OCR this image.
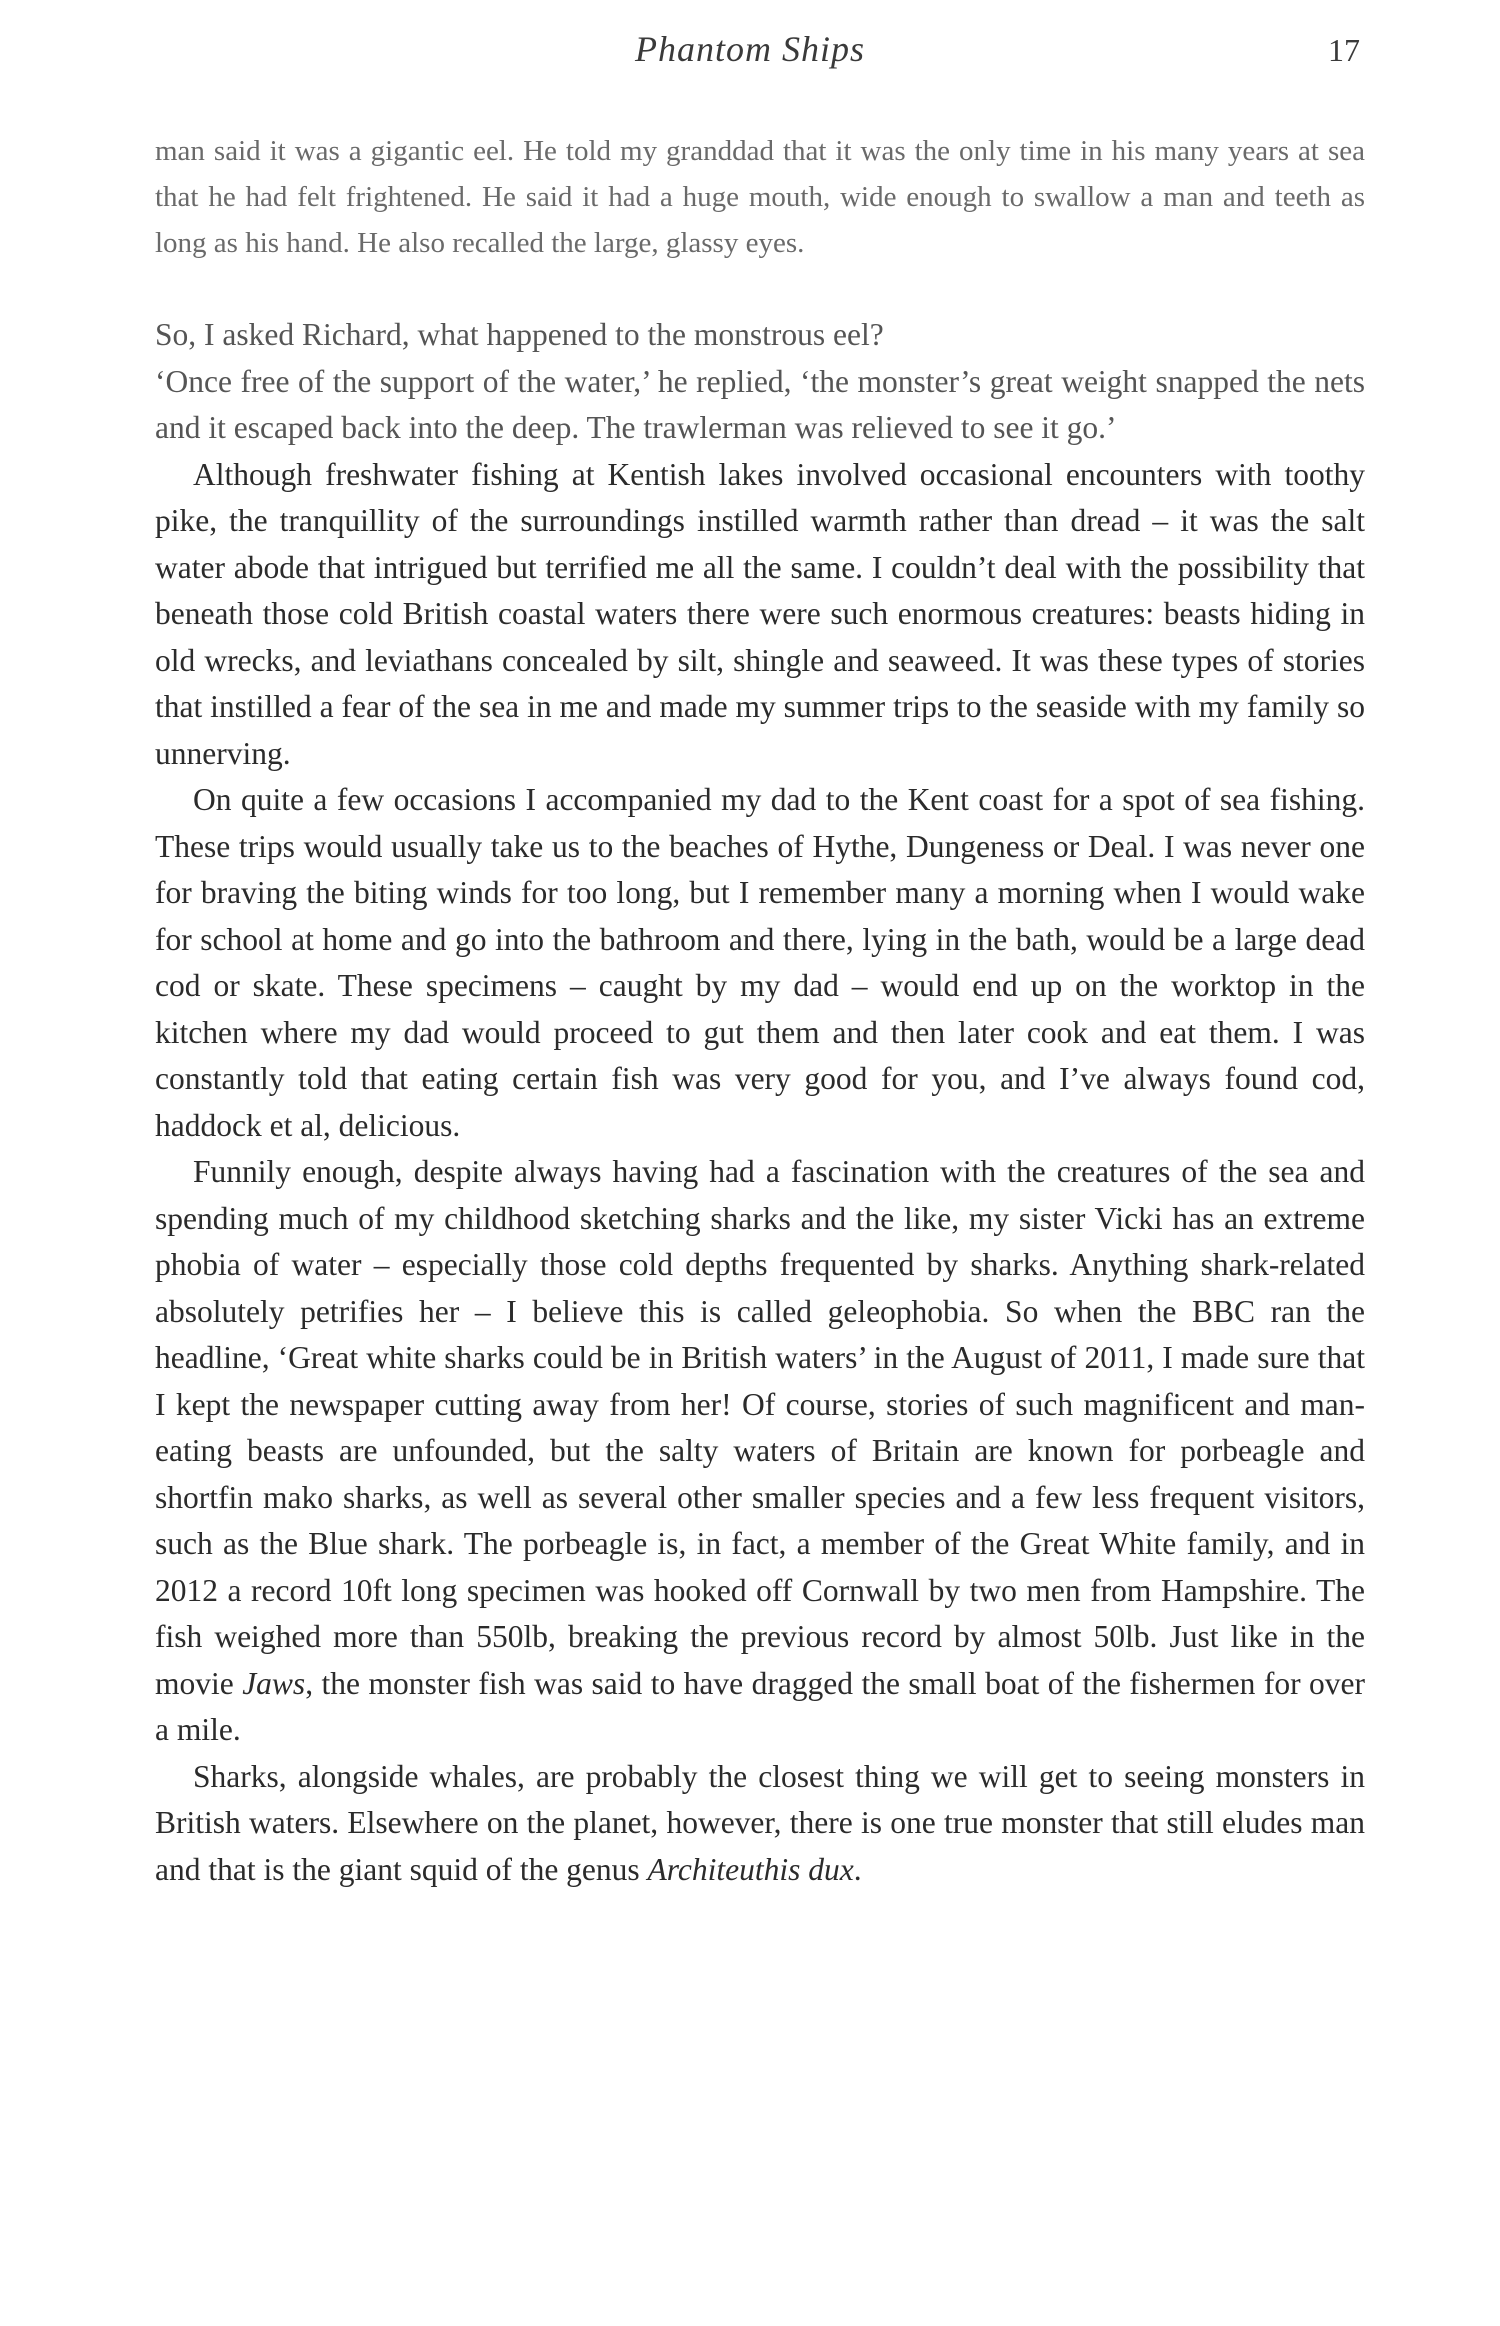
Phantom Ships	17

man said it was a gigantic eel. He told my granddad that it was the only time in his many years at sea that he had felt frightened. He said it had a huge mouth, wide enough to swallow a man and teeth as long as his hand. He also recalled the large, glassy eyes.

So, I asked Richard, what happened to the monstrous eel?

‘Once free of the support of the water,’ he replied, ‘the monster’s great weight snapped the nets and it escaped back into the deep. The trawlerman was relieved to see it go.’

Although freshwater fishing at Kentish lakes involved occasional encounters with toothy pike, the tranquillity of the surroundings instilled warmth rather than dread – it was the salt water abode that intrigued but terrified me all the same. I couldn’t deal with the possibility that beneath those cold British coastal waters there were such enormous creatures: beasts hiding in old wrecks, and leviathans concealed by silt, shingle and seaweed. It was these types of stories that instilled a fear of the sea in me and made my summer trips to the seaside with my family so unnerving.

On quite a few occasions I accompanied my dad to the Kent coast for a spot of sea fishing. These trips would usually take us to the beaches of Hythe, Dungeness or Deal. I was never one for braving the biting winds for too long, but I remember many a morning when I would wake for school at home and go into the bathroom and there, lying in the bath, would be a large dead cod or skate. These specimens – caught by my dad – would end up on the worktop in the kitchen where my dad would proceed to gut them and then later cook and eat them. I was constantly told that eating certain fish was very good for you, and I’ve always found cod, haddock et al, delicious.

Funnily enough, despite always having had a fascination with the creatures of the sea and spending much of my childhood sketching sharks and the like, my sister Vicki has an extreme phobia of water – especially those cold depths frequented by sharks. Anything shark-related absolutely petrifies her – I believe this is called geleophobia. So when the BBC ran the headline, ‘Great white sharks could be in British waters’ in the August of 2011, I made sure that I kept the newspaper cutting away from her! Of course, stories of such magnificent and man-eating beasts are unfounded, but the salty waters of Britain are known for porbeagle and shortfin mako sharks, as well as several other smaller species and a few less frequent visitors, such as the Blue shark. The porbeagle is, in fact, a member of the Great White family, and in 2012 a record 10ft long specimen was hooked off Cornwall by two men from Hampshire. The fish weighed more than 550lb, breaking the previous record by almost 50lb. Just like in the movie Jaws, the monster fish was said to have dragged the small boat of the fishermen for over a mile.

Sharks, alongside whales, are probably the closest thing we will get to seeing monsters in British waters. Elsewhere on the planet, however, there is one true monster that still eludes man and that is the giant squid of the genus Architeuthis dux.
